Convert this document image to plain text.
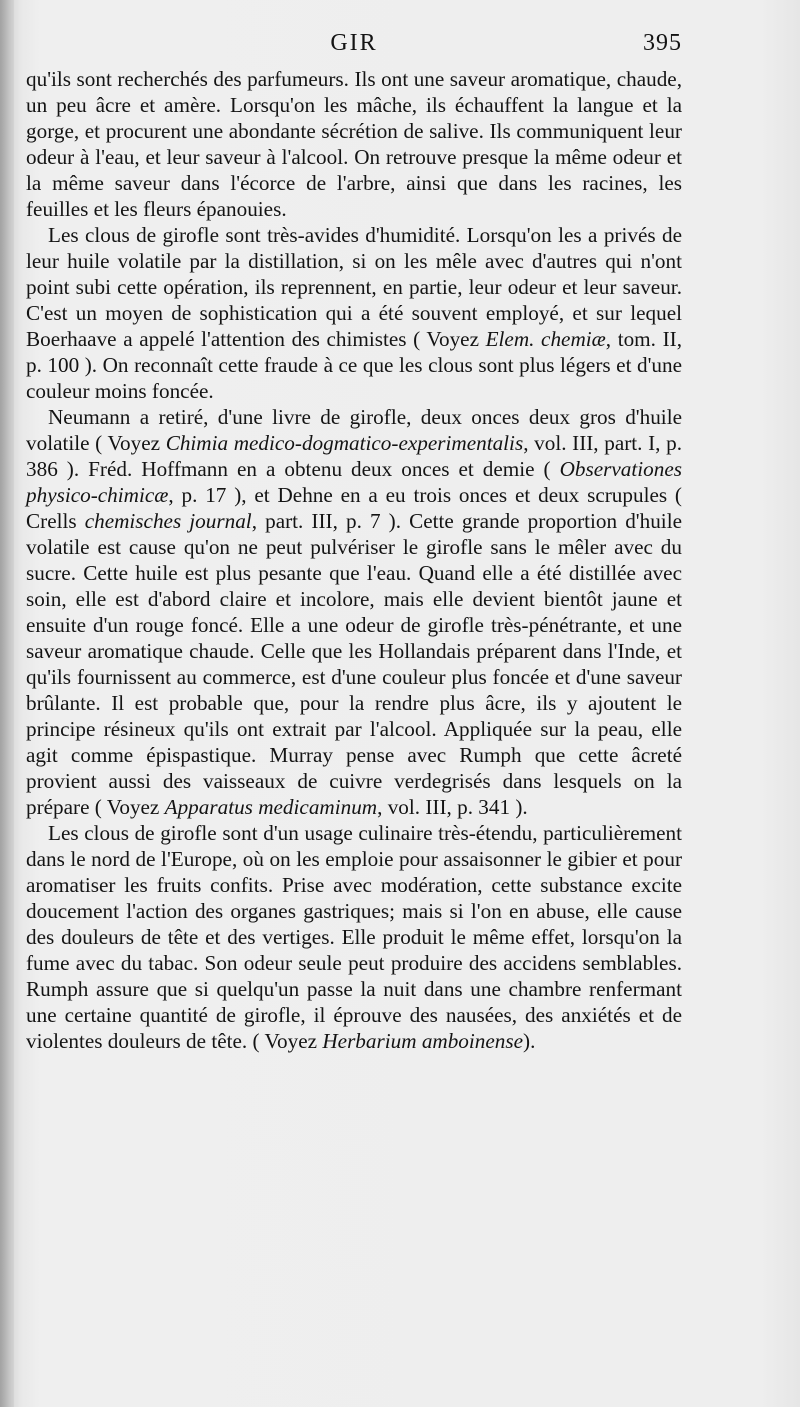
GIR	395

qu'ils sont recherchés des parfumeurs. Ils ont une saveur aromatique, chaude, un peu âcre et amère. Lorsqu'on les mâche, ils échauffent la langue et la gorge, et procurent une abondante sécrétion de salive. Ils communiquent leur odeur à l'eau, et leur saveur à l'alcool. On retrouve presque la même odeur et la même saveur dans l'écorce de l'arbre, ainsi que dans les racines, les feuilles et les fleurs épanouies.

Les clous de girofle sont très-avides d'humidité. Lorsqu'on les a privés de leur huile volatile par la distillation, si on les mêle avec d'autres qui n'ont point subi cette opération, ils reprennent, en partie, leur odeur et leur saveur. C'est un moyen de sophistication qui a été souvent employé, et sur lequel Boerhaave a appelé l'attention des chimistes ( Voyez Elem. chemiæ, tom. II, p. 100 ). On reconnaît cette fraude à ce que les clous sont plus légers et d'une couleur moins foncée.

Neumann a retiré, d'une livre de girofle, deux onces deux gros d'huile volatile ( Voyez Chimia medico-dogmatico-experimentalis, vol. III, part. I, p. 386 ). Fréd. Hoffmann en a obtenu deux onces et demie ( Observationes physico-chimicæ, p. 17 ), et Dehne en a eu trois onces et deux scrupules ( Crells chemisches journal, part. III, p. 7 ). Cette grande proportion d'huile volatile est cause qu'on ne peut pulvériser le girofle sans le mêler avec du sucre. Cette huile est plus pesante que l'eau. Quand elle a été distillée avec soin, elle est d'abord claire et incolore, mais elle devient bientôt jaune et ensuite d'un rouge foncé. Elle a une odeur de girofle très-pénétrante, et une saveur aromatique chaude. Celle que les Hollandais préparent dans l'Inde, et qu'ils fournissent au commerce, est d'une couleur plus foncée et d'une saveur brûlante. Il est probable que, pour la rendre plus âcre, ils y ajoutent le principe résineux qu'ils ont extrait par l'alcool. Appliquée sur la peau, elle agit comme épispastique. Murray pense avec Rumph que cette âcreté provient aussi des vaisseaux de cuivre verdegrisés dans lesquels on la prépare ( Voyez Apparatus medicaminum, vol. III, p. 341 ).

Les clous de girofle sont d'un usage culinaire très-étendu, particulièrement dans le nord de l'Europe, où on les emploie pour assaisonner le gibier et pour aromatiser les fruits confits. Prise avec modération, cette substance excite doucement l'action des organes gastriques; mais si l'on en abuse, elle cause des douleurs de tête et des vertiges. Elle produit le même effet, lorsqu'on la fume avec du tabac. Son odeur seule peut produire des accidens semblables. Rumph assure que si quelqu'un passe la nuit dans une chambre renfermant une certaine quantité de girofle, il éprouve des nausées, des anxiétés et de violentes douleurs de tête. ( Voyez Herbarium amboinense).
